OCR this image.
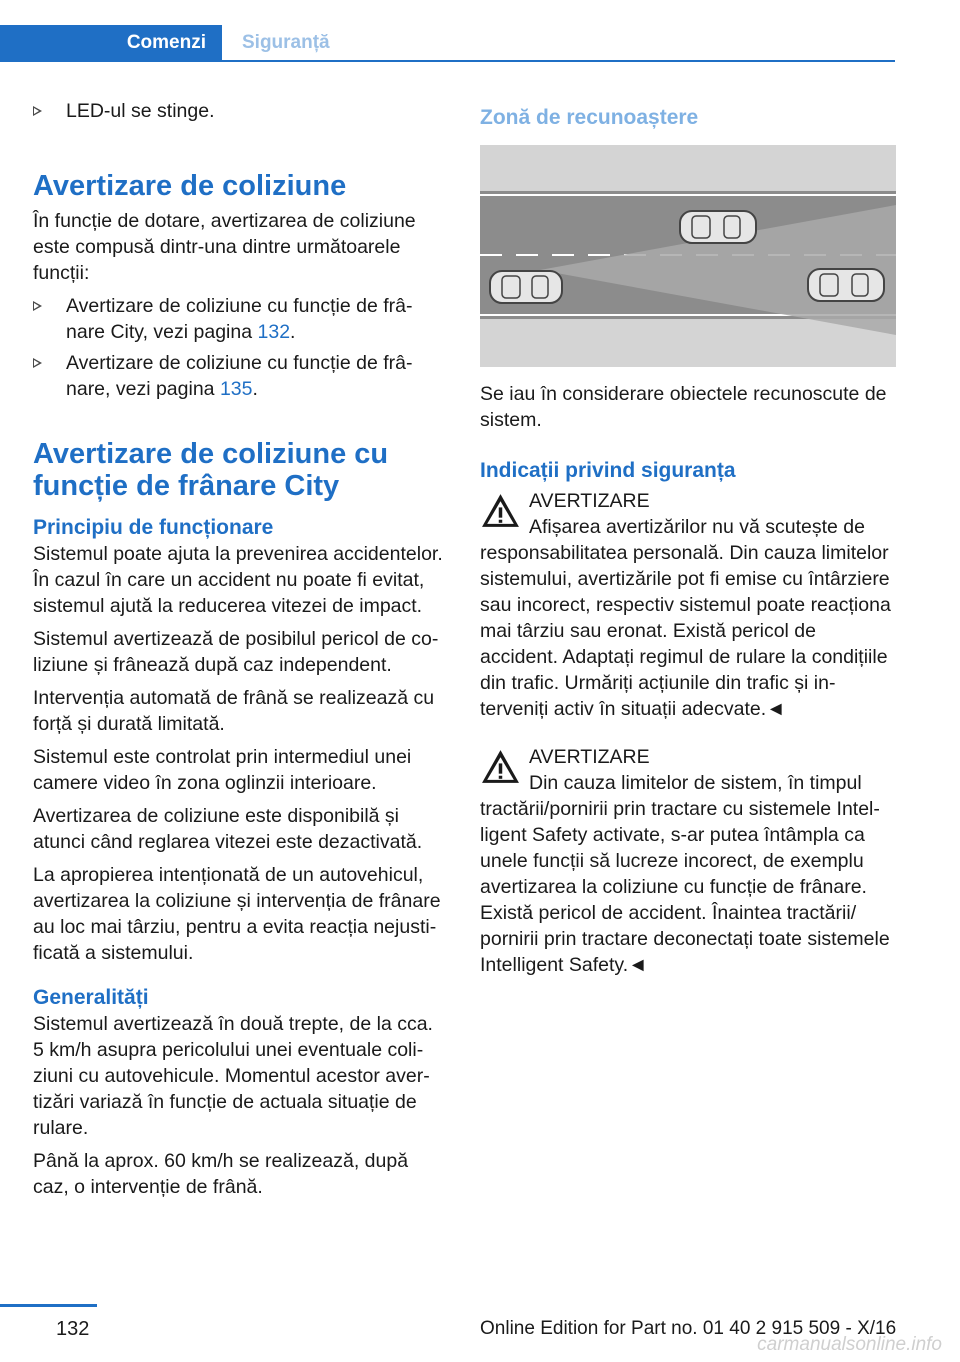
Comenzi	Siguranță
LED-ul se stinge.
Avertizare de coliziune

În funcție de dotare, avertizarea de coliziune este compusă dintr-una dintre următoarele funcții:

Avertizare de coliziune cu funcție de frânare City, vezi pagina 132.
Avertizare de coliziune cu funcție de frânare, vezi pagina 135.
Avertizare de coliziune cu funcție de frânare City
Principiu de funcționare

Sistemul poate ajuta la prevenirea accidentelor. În cazul în care un accident nu poate fi evitat, sistemul ajută la reducerea vitezei de impact.

Sistemul avertizează de posibilul pericol de coliziune și frânează după caz independent.

Intervenția automată de frână se realizează cu forță și durată limitată.

Sistemul este controlat prin intermediul unei camere video în zona oglinzii interioare.

Avertizarea de coliziune este disponibilă și atunci când reglarea vitezei este dezactivată.

La apropierea intenționată de un autovehicul, avertizarea la coliziune și intervenția de frânare au loc mai târziu, pentru a evita reacția nejustificată a sistemului.

Generalități

Sistemul avertizează în două trepte, de la cca. 5 km/h asupra pericolului unei eventuale coliziuni cu autovehicule. Momentul acestor avertizări variază în funcție de actuala situație de rulare.

Până la aprox. 60 km/h se realizează, după caz, o intervenție de frână.

Zonă de recunoaștere

Se iau în considerare obiectele recunoscute de sistem.

Indicații privind siguranța

AVERTIZARE

Afișarea avertizărilor nu vă scutește de responsabilitatea personală. Din cauza limitelor sistemului, avertizările pot fi emise cu întârziere sau incorect, respectiv sistemul poate reacționa mai târziu sau eronat. Există pericol de accident. Adaptați regimul de rulare la condițiile din trafic. Urmăriți acțiunile din trafic și interveniți activ în situații adecvate.◄

AVERTIZARE

Din cauza limitelor de sistem, în timpul tractării/pornirii prin tractare cu sistemele Intelligent Safety activate, s-ar putea întâmpla ca unele funcții să lucreze incorect, de exemplu avertizarea la coliziune cu funcție de frânare. Există pericol de accident. Înaintea tractării/ pornirii prin tractare deconectați toate sistemele Intelligent Safety.◄

132	Online Edition for Part no. 01 40 2 915 509 - X/16
carmanualsonline.info
